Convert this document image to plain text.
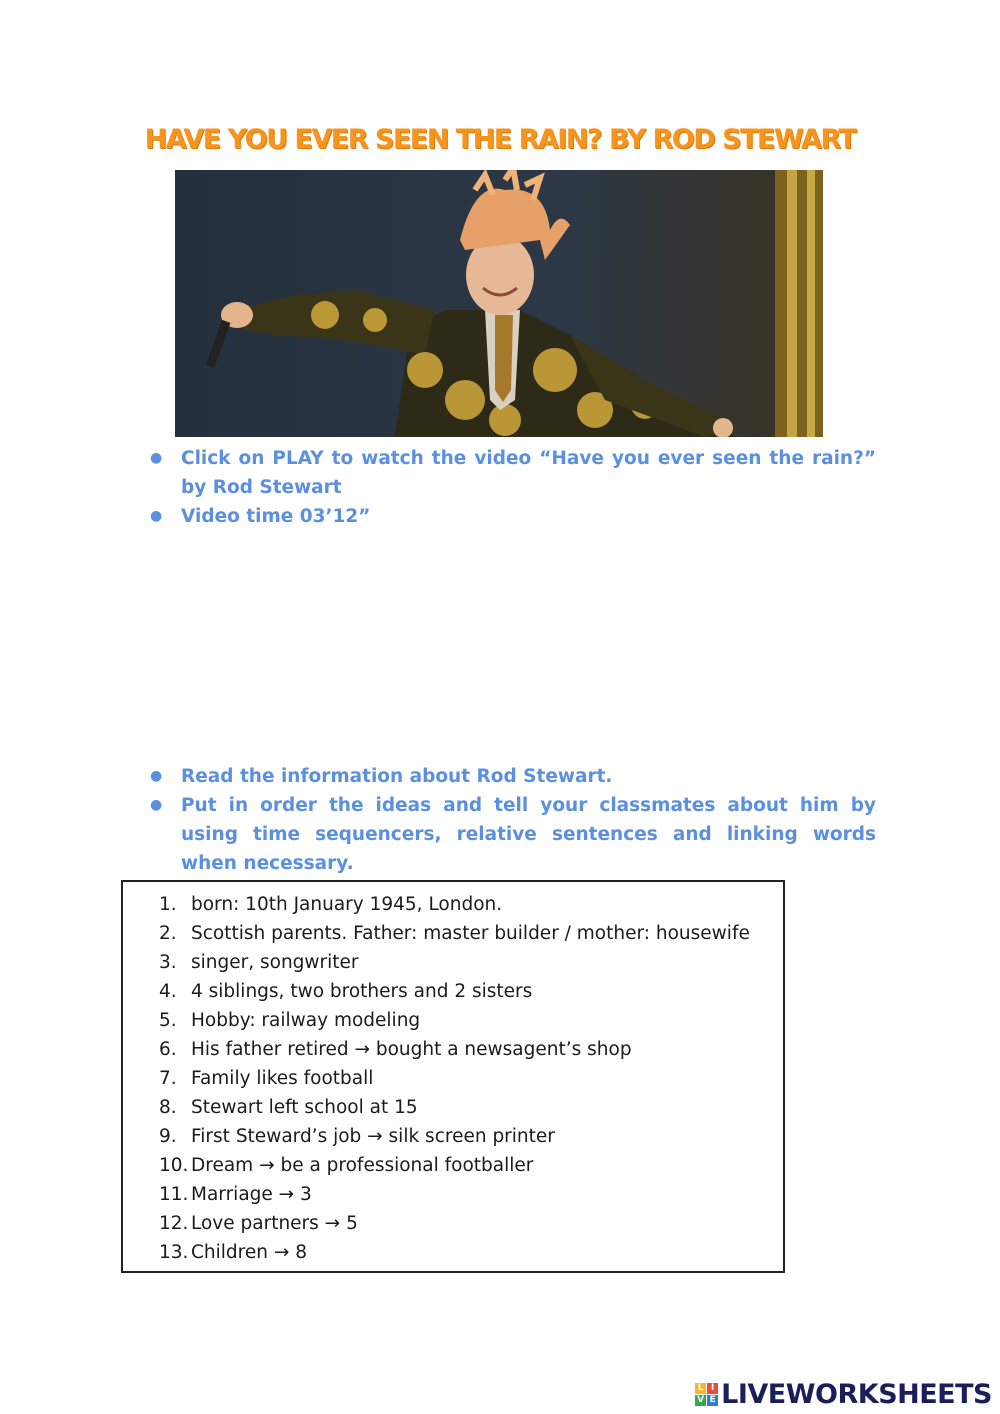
HAVE YOU EVER SEEN THE RAIN? BY ROD STEWART
● Click on PLAY to watch the video “Have you ever seen the rain?” by Rod Stewart
● Video time 03’12”
● Read the information about Rod Stewart.
● Put in order the ideas and tell your classmates about him by using time sequencers, relative sentences and linking words when necessary.
1. born: 10th January 1945, London.
2. Scottish parents. Father: master builder / mother: housewife
3. singer, songwriter
4. 4 siblings, two brothers and 2 sisters
5. Hobby: railway modeling
6. His father retired → bought a newsagent’s shop
7. Family likes football
8. Stewart left school at 15
9. First Steward’s job → silk screen printer
10. Dream → be a professional footballer
11. Marriage → 3
12. Love partners → 5
13. Children → 8
L I
V E LIVEWORKSHEETS
